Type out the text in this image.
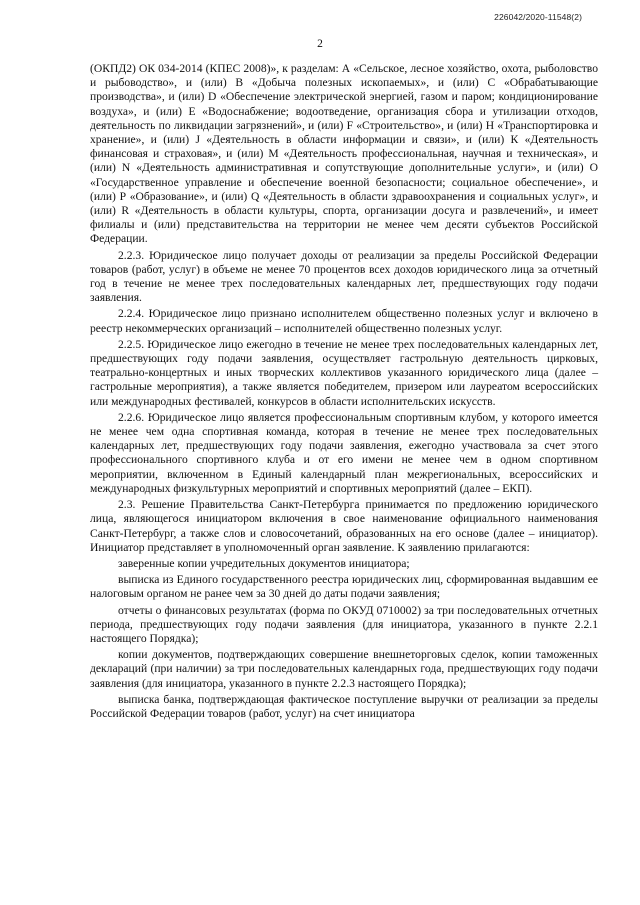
226042/2020-11548(2)
2

(ОКПД2) ОК 034-2014 (КПЕС 2008)», к разделам: А «Сельское, лесное хозяйство, охота, рыболовство и рыбоводство», и (или) В «Добыча полезных ископаемых», и (или) С «Обрабатывающие производства», и (или) D «Обеспечение электрической энергией, газом и паром; кондиционирование воздуха», и (или) Е «Водоснабжение; водоотведение, организация сбора и утилизации отходов, деятельность по ликвидации загрязнений», и (или) F «Строительство», и (или) Н «Транспортировка и хранение», и (или) J «Деятельность в области информации и связи», и (или) К «Деятельность финансовая и страховая», и (или) М «Деятельность профессиональная, научная и техническая», и (или) N «Деятельность административная и сопутствующие дополнительные услуги», и (или) О «Государственное управление и обеспечение военной безопасности; социальное обеспечение», и (или) Р «Образование», и (или) Q «Деятельность в области здравоохранения и социальных услуг», и (или) R «Деятельность в области культуры, спорта, организации досуга и развлечений», и имеет филиалы и (или) представительства на территории не менее чем десяти субъектов Российской Федерации.

2.2.3. Юридическое лицо получает доходы от реализации за пределы Российской Федерации товаров (работ, услуг) в объеме не менее 70 процентов всех доходов юридического лица за отчетный год в течение не менее трех последовательных календарных лет, предшествующих году подачи заявления.

2.2.4. Юридическое лицо признано исполнителем общественно полезных услуг и включено в реестр некоммерческих организаций – исполнителей общественно полезных услуг.

2.2.5. Юридическое лицо ежегодно в течение не менее трех последовательных календарных лет, предшествующих году подачи заявления, осуществляет гастрольную деятельность цирковых, театрально-концертных и иных творческих коллективов указанного юридического лица (далее – гастрольные мероприятия), а также является победителем, призером или лауреатом всероссийских или международных фестивалей, конкурсов в области исполнительских искусств.

2.2.6. Юридическое лицо является профессиональным спортивным клубом, у которого имеется не менее чем одна спортивная команда, которая в течение не менее трех последовательных календарных лет, предшествующих году подачи заявления, ежегодно участвовала за счет этого профессионального спортивного клуба и от его имени не менее чем в одном спортивном мероприятии, включенном в Единый календарный план межрегиональных, всероссийских и международных физкультурных мероприятий и спортивных мероприятий (далее – ЕКП).

2.3. Решение Правительства Санкт-Петербурга принимается по предложению юридического лица, являющегося инициатором включения в свое наименование официального наименования Санкт-Петербург, а также слов и словосочетаний, образованных на его основе (далее – инициатор). Инициатор представляет в уполномоченный орган заявление. К заявлению прилагаются:

заверенные копии учредительных документов инициатора;

выписка из Единого государственного реестра юридических лиц, сформированная выдавшим ее налоговым органом не ранее чем за 30 дней до даты подачи заявления;

отчеты о финансовых результатах (форма по ОКУД 0710002) за три последовательных отчетных периода, предшествующих году подачи заявления (для инициатора, указанного в пункте 2.2.1 настоящего Порядка);

копии документов, подтверждающих совершение внешнеторговых сделок, копии таможенных деклараций (при наличии) за три последовательных календарных года, предшествующих году подачи заявления (для инициатора, указанного в пункте 2.2.3 настоящего Порядка);

выписка банка, подтверждающая фактическое поступление выручки от реализации за пределы Российской Федерации товаров (работ, услуг) на счет инициатора
